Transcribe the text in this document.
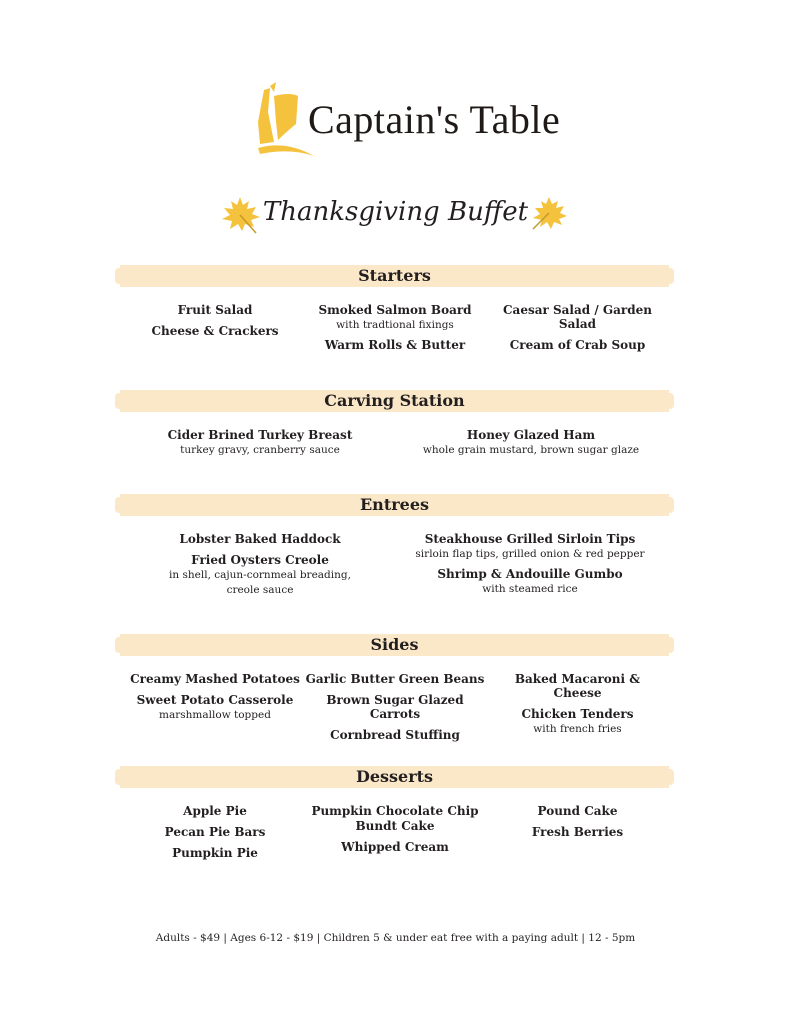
Captain's Table
Thanksgiving Buffet
Starters
Fruit Salad
Cheese & Crackers
Smoked Salmon Board
with tradtional fixings
Warm Rolls & Butter
Caesar Salad / Garden Salad
Cream of Crab Soup
Carving Station
Cider Brined Turkey Breast
turkey gravy, cranberry sauce
Honey Glazed Ham
whole grain mustard, brown sugar glaze
Entrees
Lobster Baked Haddock
Fried Oysters Creole
in shell, cajun-cornmeal breading,
creole sauce
Steakhouse Grilled Sirloin Tips
sirloin flap tips, grilled onion & red pepper
Shrimp & Andouille Gumbo
with steamed rice
Sides
Creamy Mashed Potatoes
Sweet Potato Casserole
marshmallow topped
Garlic Butter Green Beans
Brown Sugar Glazed Carrots
Cornbread Stuffing
Baked Macaroni & Cheese
Chicken Tenders
with french fries
Desserts
Apple Pie
Pecan Pie Bars
Pumpkin Pie
Pumpkin Chocolate Chip
Bundt Cake
Whipped Cream
Pound Cake
Fresh Berries
Adults - $49 | Ages 6-12 - $19 | Children 5 & under eat free with a paying adult | 12 - 5pm
